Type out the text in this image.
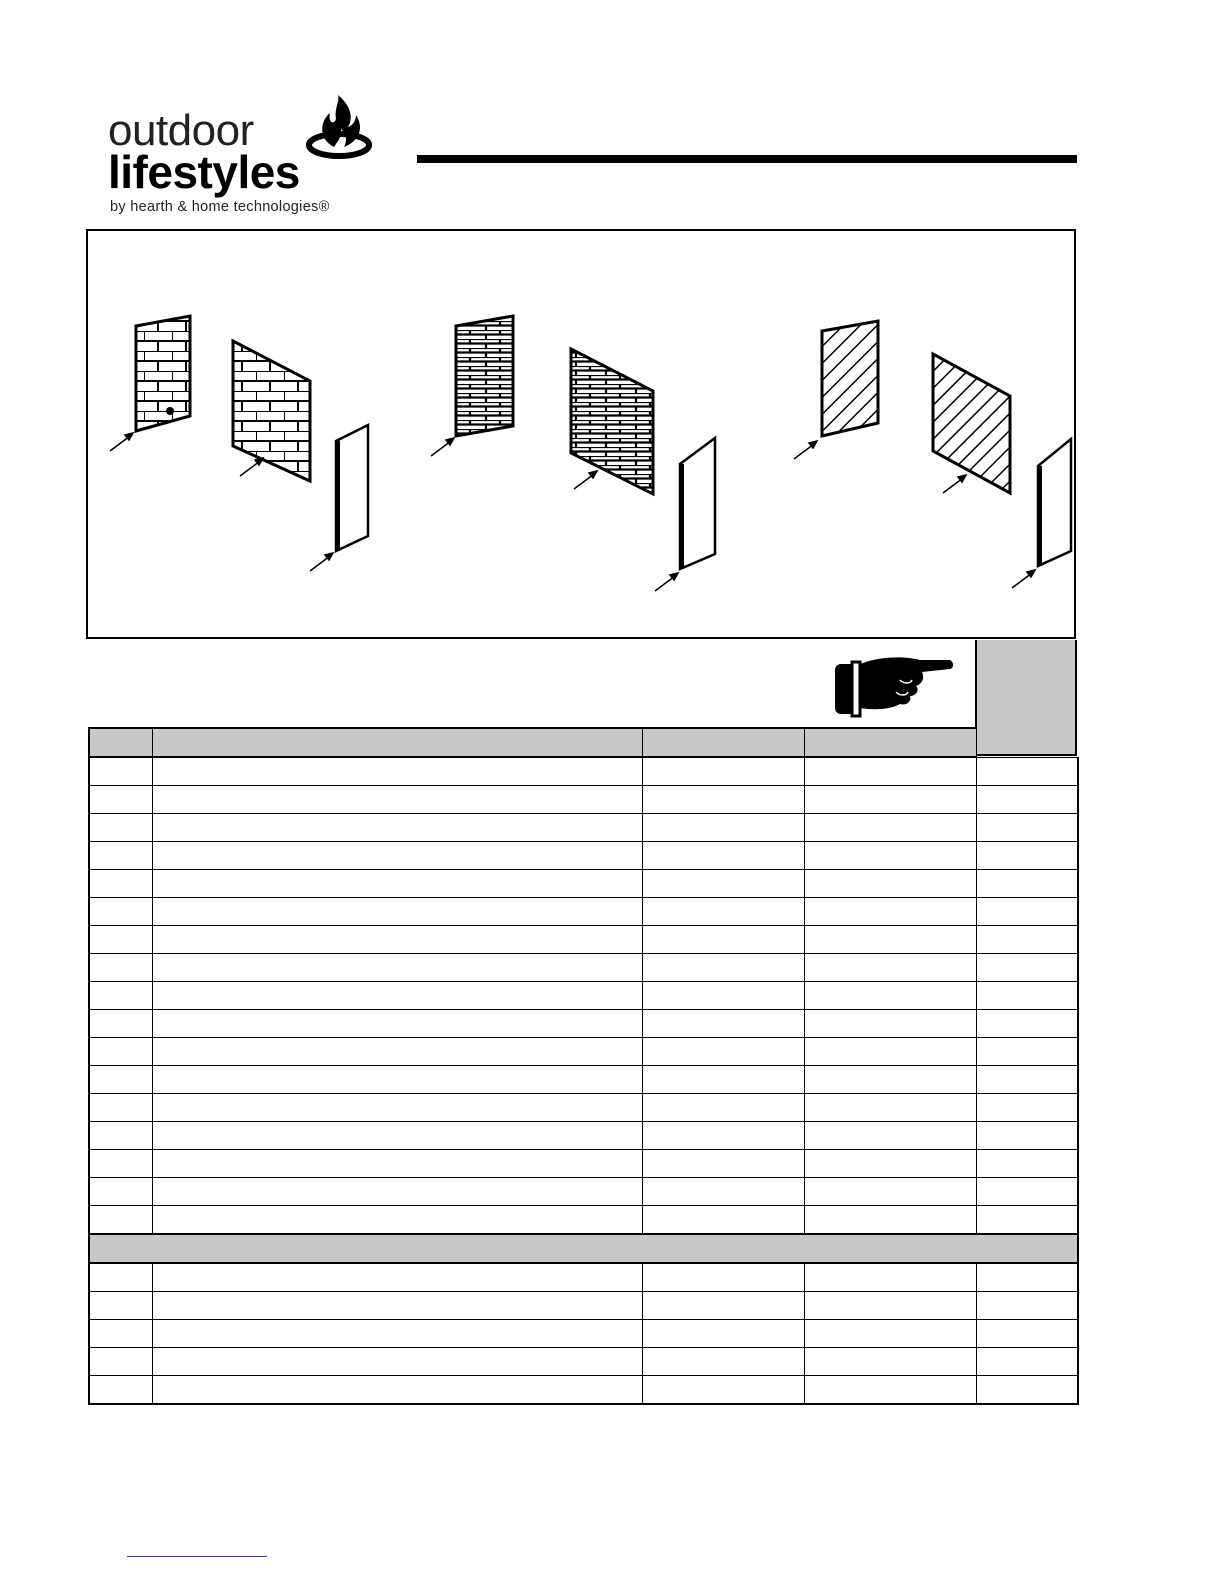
outdoor
lifestyles
by hearth & home technologies®
